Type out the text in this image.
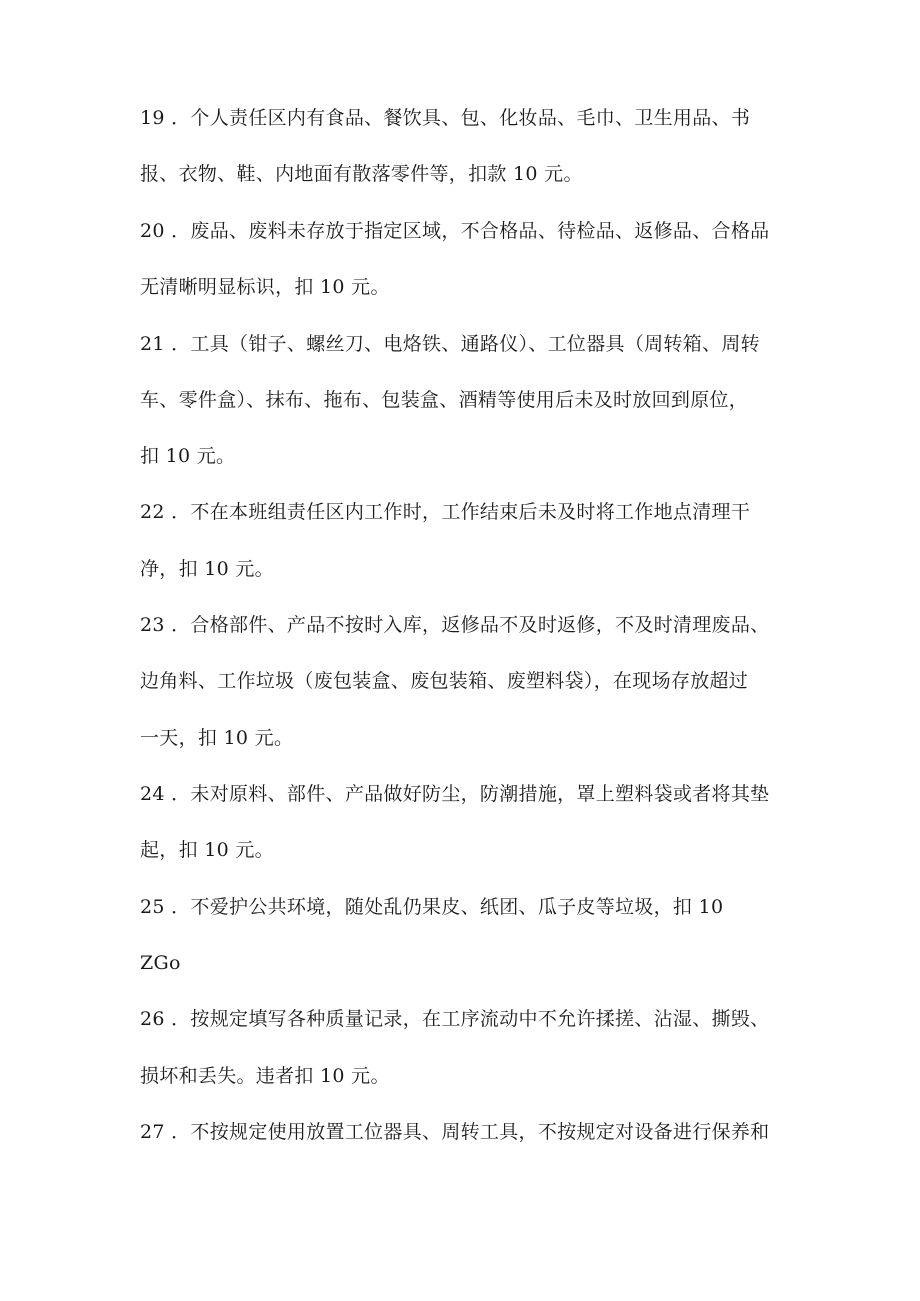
19 ．个人责任区内有食品、餐饮具、包、化妆品、毛巾、卫生用品、书
报、衣物、鞋、内地面有散落零件等，扣款 10 元。
20 ．废品、废料未存放于指定区域，不合格品、待检品、返修品、合格品
无清晰明显标识，扣 10 元。
21 ．工具（钳子、螺丝刀、电烙铁、通路仪）、工位器具（周转箱、周转
车、零件盒）、抹布、拖布、包装盒、酒精等使用后未及时放回到原位，
扣 10 元。
22 ．不在本班组责任区内工作时，工作结束后未及时将工作地点清理干
净，扣 10 元。
23 ．合格部件、产品不按时入库，返修品不及时返修，不及时清理废品、
边角料、工作垃圾（废包装盒、废包装箱、废塑料袋），在现场存放超过
一天，扣 10 元。
24 ．未对原料、部件、产品做好防尘，防潮措施，罩上塑料袋或者将其垫
起，扣 10 元。
25 ．不爱护公共环境，随处乱仍果皮、纸团、瓜子皮等垃圾，扣 10
ZGo
26 ．按规定填写各种质量记录，在工序流动中不允许揉搓、沾湿、撕毁、
损坏和丢失。违者扣 10 元。
27 ．不按规定使用放置工位器具、周转工具，不按规定对设备进行保养和
